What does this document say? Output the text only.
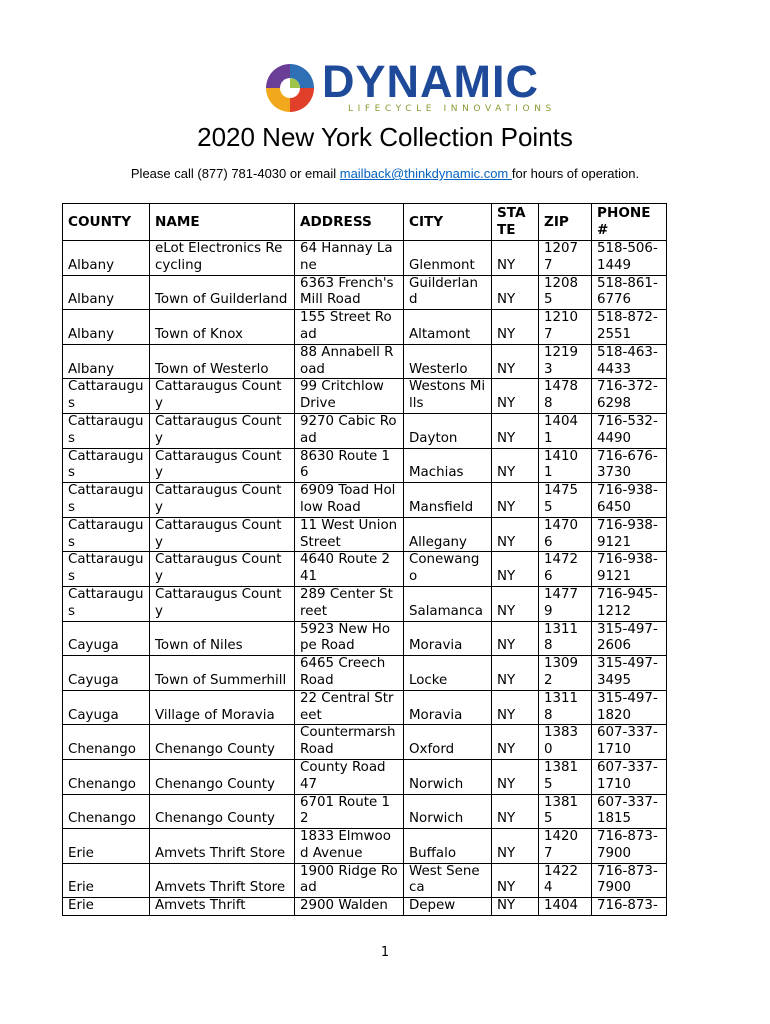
DYNAMIC
LIFECYCLE INNOVATIONS
2020 New York Collection Points
Please call (877) 781-4030 or email mailback@thinkdynamic.com for hours of operation.
COUNTY	NAME	ADDRESS	CITY	STATE	ZIP	PHONE #
Albany	eLot Electronics Recycling	64 Hannay Lane	Glenmont	NY	12077	518-506-1449
Albany	Town of Guilderland	6363 French's Mill Road	Guilderland	NY	12085	518-861-6776
Albany	Town of Knox	155 Street Road	Altamont	NY	12107	518-872-2551
Albany	Town of Westerlo	88 Annabell Road	Westerlo	NY	12193	518-463-4433
Cattaraugus	Cattaraugus County	99 Critchlow Drive	Westons Mills	NY	14788	716-372-6298
Cattaraugus	Cattaraugus County	9270 Cabic Road	Dayton	NY	14041	716-532-4490
Cattaraugus	Cattaraugus County	8630 Route 16	Machias	NY	14101	716-676-3730
Cattaraugus	Cattaraugus County	6909 Toad Hollow Road	Mansfield	NY	14755	716-938-6450
Cattaraugus	Cattaraugus County	11 West Union Street	Allegany	NY	14706	716-938-9121
Cattaraugus	Cattaraugus County	4640 Route 241	Conewango	NY	14726	716-938-9121
Cattaraugus	Cattaraugus County	289 Center Street	Salamanca	NY	14779	716-945-1212
Cayuga	Town of Niles	5923 New Hope Road	Moravia	NY	13118	315-497-2606
Cayuga	Town of Summerhill	6465 Creech Road	Locke	NY	13092	315-497-3495
Cayuga	Village of Moravia	22 Central Street	Moravia	NY	13118	315-497-1820
Chenango	Chenango County	Countermarsh Road	Oxford	NY	13830	607-337-1710
Chenango	Chenango County	County Road 47	Norwich	NY	13815	607-337-1710
Chenango	Chenango County	6701 Route 12	Norwich	NY	13815	607-337-1815
Erie	Amvets Thrift Store	1833 Elmwood Avenue	Buffalo	NY	14207	716-873-7900
Erie	Amvets Thrift Store	1900 Ridge Road	West Seneca	NY	14224	716-873-7900
Erie	Amvets Thrift	2900 Walden	Depew	NY	1404	716-873-
1
